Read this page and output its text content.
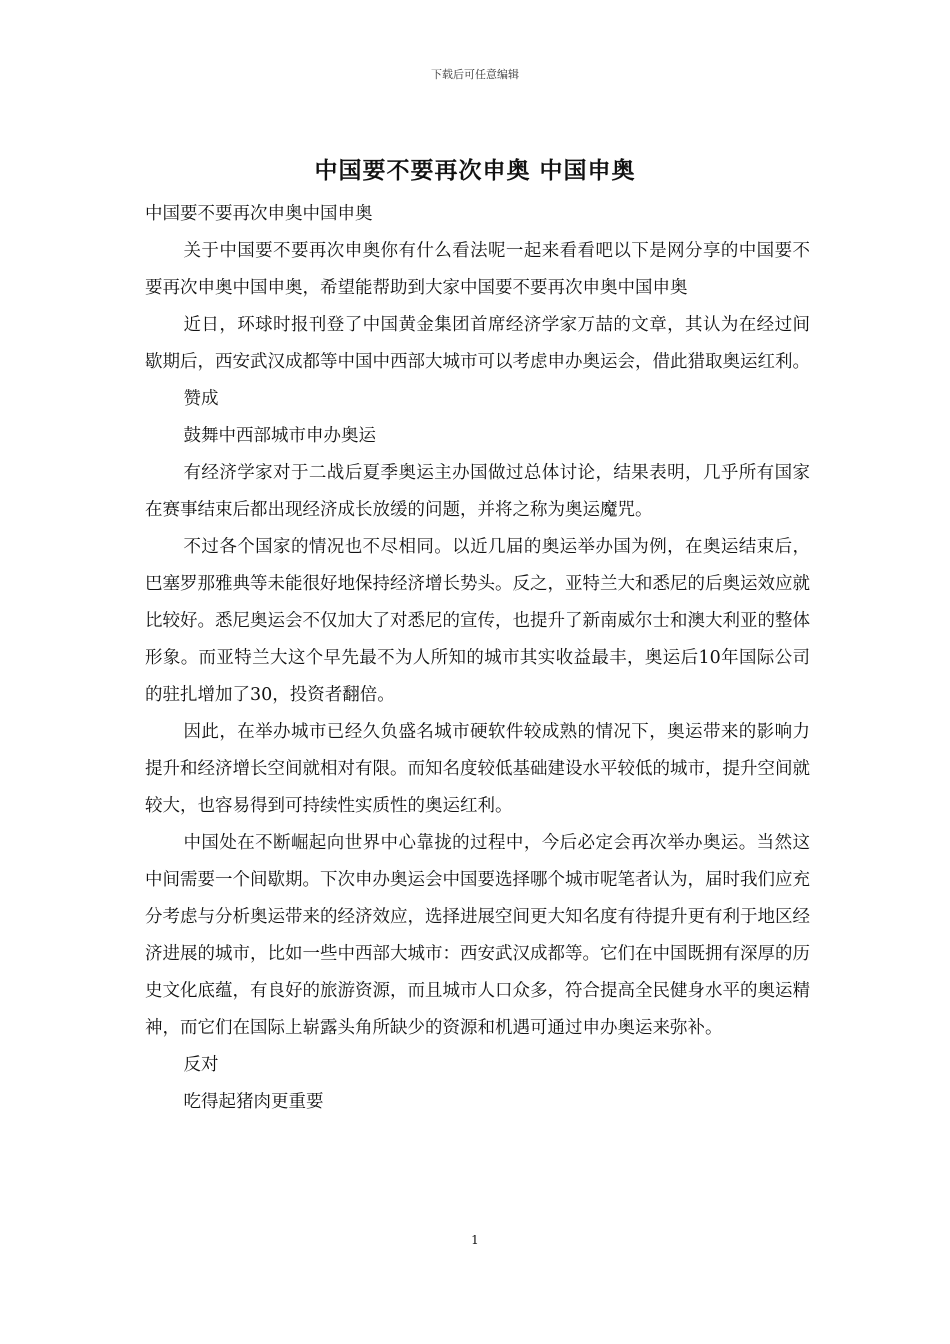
下载后可任意编辑
中国要不要再次申奥 中国申奥

中国要不要再次申奥中国申奥

关于中国要不要再次申奥你有什么看法呢一起来看看吧以下是网分享的中国要不要再次申奥中国申奥，希望能帮助到大家中国要不要再次申奥中国申奥

近日，环球时报刊登了中国黄金集团首席经济学家万喆的文章，其认为在经过间歇期后，西安武汉成都等中国中西部大城市可以考虑申办奥运会，借此猎取奥运红利。

赞成

鼓舞中西部城市申办奥运

有经济学家对于二战后夏季奥运主办国做过总体讨论，结果表明，几乎所有国家在赛事结束后都出现经济成长放缓的问题，并将之称为奥运魔咒。

不过各个国家的情况也不尽相同。以近几届的奥运举办国为例，在奥运结束后，巴塞罗那雅典等未能很好地保持经济增长势头。反之，亚特兰大和悉尼的后奥运效应就比较好。悉尼奥运会不仅加大了对悉尼的宣传，也提升了新南威尔士和澳大利亚的整体形象。而亚特兰大这个早先最不为人所知的城市其实收益最丰，奥运后10年国际公司的驻扎增加了30，投资者翻倍。

因此，在举办城市已经久负盛名城市硬软件较成熟的情况下，奥运带来的影响力提升和经济增长空间就相对有限。而知名度较低基础建设水平较低的城市，提升空间就较大，也容易得到可持续性实质性的奥运红利。

中国处在不断崛起向世界中心靠拢的过程中，今后必定会再次举办奥运。当然这中间需要一个间歇期。下次申办奥运会中国要选择哪个城市呢笔者认为，届时我们应充分考虑与分析奥运带来的经济效应，选择进展空间更大知名度有待提升更有利于地区经济进展的城市，比如一些中西部大城市：西安武汉成都等。它们在中国既拥有深厚的历史文化底蕴，有良好的旅游资源，而且城市人口众多，符合提高全民健身水平的奥运精神，而它们在国际上崭露头角所缺少的资源和机遇可通过申办奥运来弥补。

反对

吃得起猪肉更重要

1
